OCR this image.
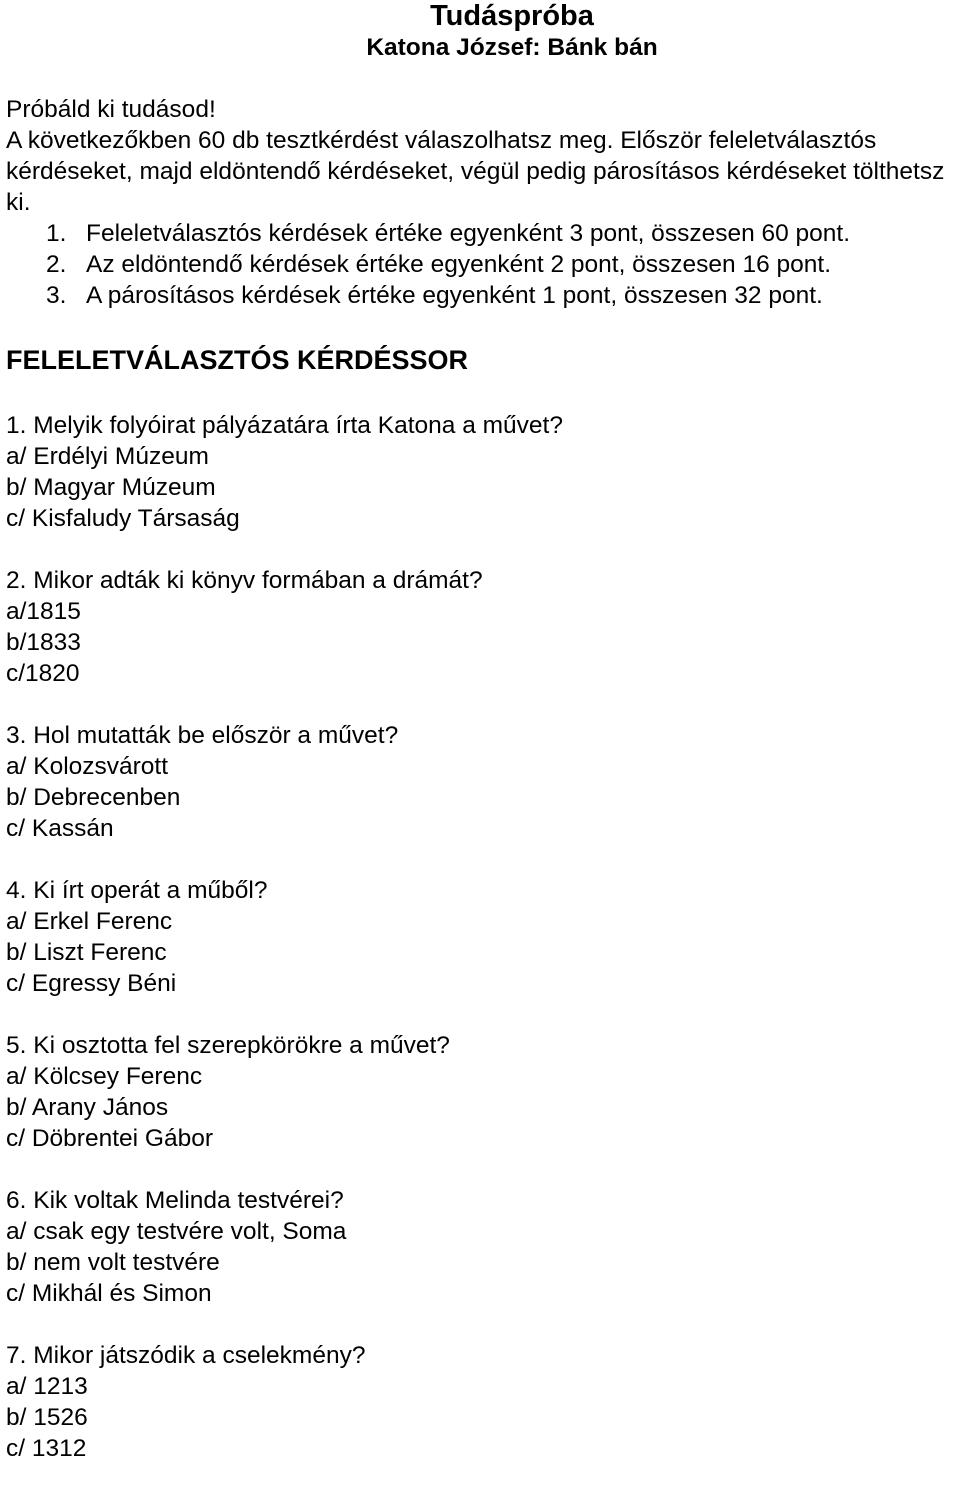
Tudáspróba
Katona József: Bánk bán

Próbáld ki tudásod!

A következőkben 60 db tesztkérdést válaszolhatsz meg. Először feleletválasztós kérdéseket, majd eldöntendő kérdéseket, végül pedig párosításos kérdéseket tölthetsz ki.

1. Feleletválasztós kérdések értéke egyenként 3 pont, összesen 60 pont.
2. Az eldöntendő kérdések értéke egyenként 2 pont, összesen 16 pont.
3. A párosításos kérdések értéke egyenként 1 pont, összesen 32 pont.
FELELETVÁLASZTÓS KÉRDÉSSOR

1. Melyik folyóirat pályázatára írta Katona a művet?

a/ Erdélyi Múzeum

b/ Magyar Múzeum

c/ Kisfaludy Társaság

2. Mikor adták ki könyv formában a drámát?

a/1815

b/1833

c/1820

3. Hol mutatták be először a művet?

a/ Kolozsvárott

b/ Debrecenben

c/ Kassán

4. Ki írt operát a műből?

a/ Erkel Ferenc

b/ Liszt Ferenc

c/ Egressy Béni

5. Ki osztotta fel szerepkörökre a művet?

a/ Kölcsey Ferenc

b/ Arany János

c/ Döbrentei Gábor

6. Kik voltak Melinda testvérei?

a/ csak egy testvére volt, Soma

b/ nem volt testvére

c/ Mikhál és Simon

7. Mikor játszódik a cselekmény?

a/ 1213

b/ 1526

c/ 1312
